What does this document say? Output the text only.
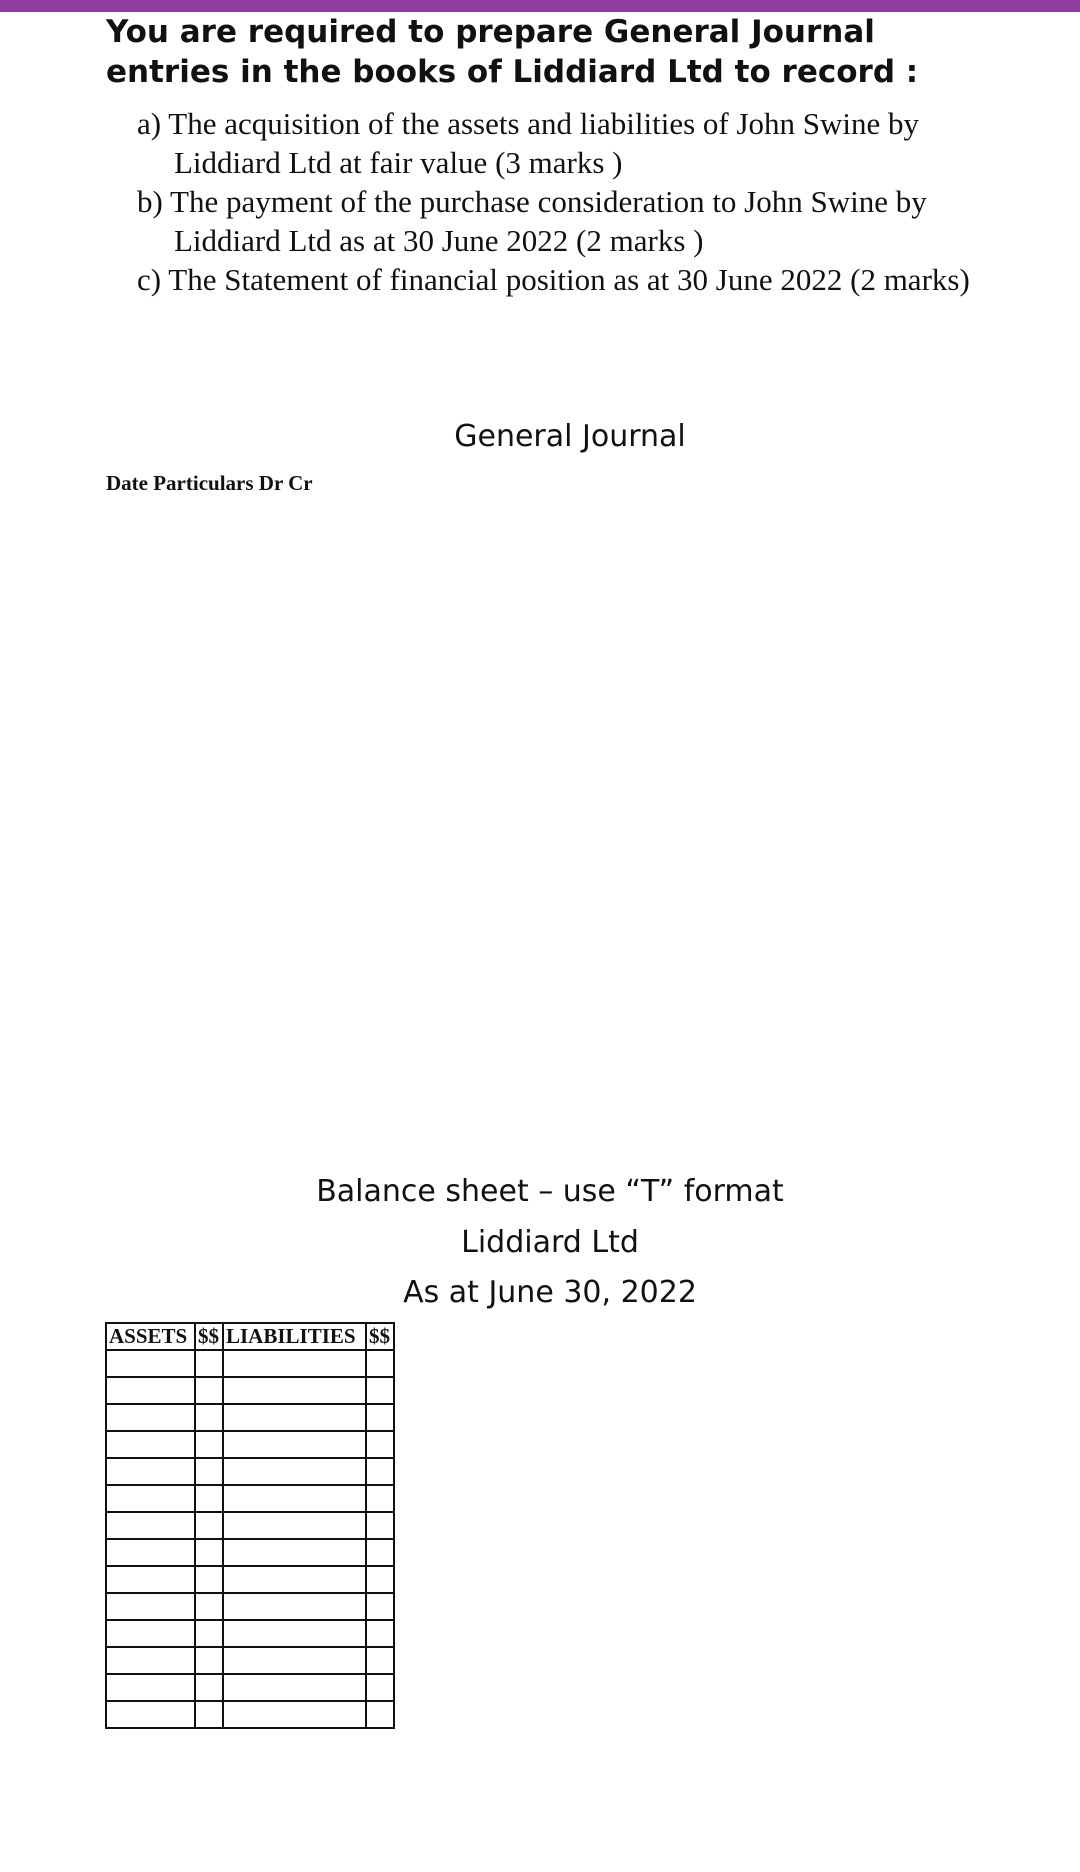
You are required to prepare General Journal entries in the books of Liddiard Ltd to record :
a) The acquisition of the assets and liabilities of John Swine by Liddiard Ltd at fair value (3 marks )
b) The payment of the purchase consideration to John Swine by Liddiard Ltd as at 30 June 2022 (2 marks )
c) The Statement of financial position as at 30 June 2022 (2 marks)
General Journal
Date Particulars Dr Cr
Balance sheet – use “T” format
Liddiard Ltd
As at June 30, 2022
ASSETS	$$	LIABILITIES	$$
